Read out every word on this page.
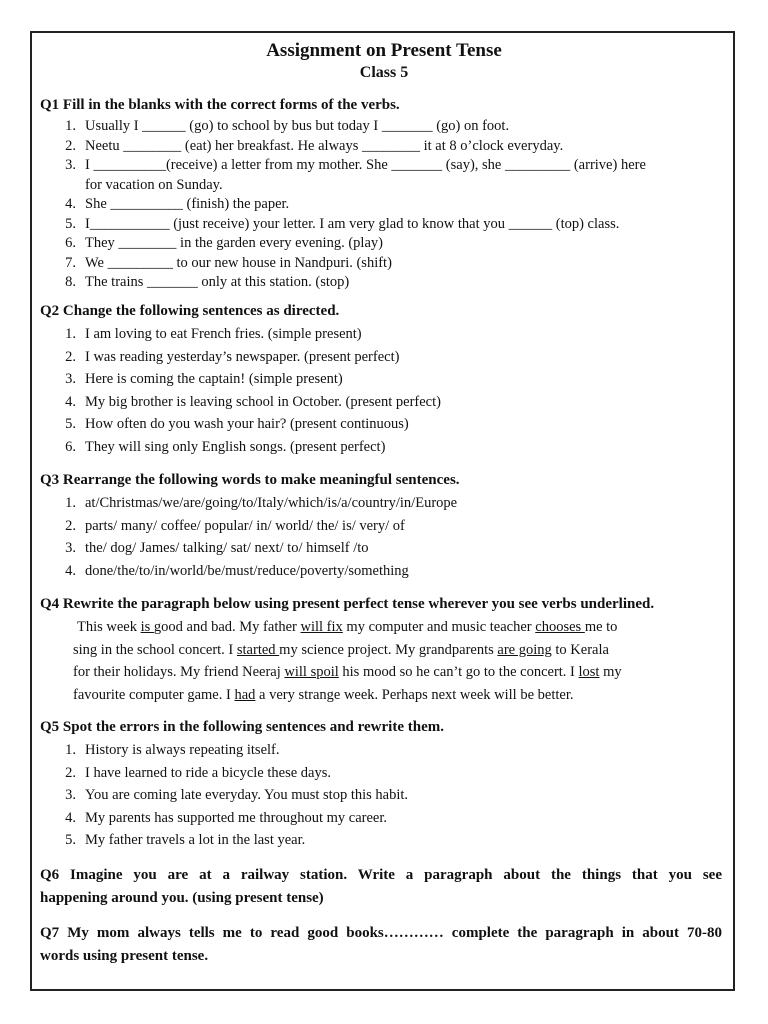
Assignment on Present Tense
Class 5
Q1 Fill in the blanks with the correct forms of the verbs.
1. Usually I ______ (go) to school by bus but today I _______ (go) on foot.
2. Neetu ________ (eat) her breakfast. He always ________ it at 8 o’clock everyday.
3. I __________(receive) a letter from my mother. She _______ (say), she _________ (arrive) here
for vacation on Sunday.
4. She __________ (finish) the paper.
5. I___________ (just receive) your letter. I am very glad to know that you ______ (top) class.
6. They ________ in the garden every evening. (play)
7. We _________ to our new house in Nandpuri. (shift)
8. The trains _______ only at this station. (stop)
Q2 Change the following sentences as directed.
1. I am loving to eat French fries. (simple present)
2. I was reading yesterday’s newspaper. (present perfect)
3. Here is coming the captain! (simple present)
4. My big brother is leaving school in October. (present perfect)
5. How often do you wash your hair? (present continuous)
6. They will sing only English songs. (present perfect)
Q3 Rearrange the following words to make meaningful sentences.
1. at/Christmas/we/are/going/to/Italy/which/is/a/country/in/Europe
2. parts/ many/ coffee/ popular/ in/ world/ the/ is/ very/ of
3. the/ dog/ James/ talking/ sat/ next/ to/ himself /to
4. done/the/to/in/world/be/must/reduce/poverty/something
Q4 Rewrite the paragraph below using present perfect tense wherever you see verbs underlined.
This week is good and bad. My father will fix my computer and music teacher chooses me to
sing in the school concert. I started my science project. My grandparents are going to Kerala
for their holidays. My friend Neeraj will spoil his mood so he can’t go to the concert. I lost my
favourite computer game. I had a very strange week. Perhaps next week will be better.
Q5 Spot the errors in the following sentences and rewrite them.
1. History is always repeating itself.
2. I have learned to ride a bicycle these days.
3. You are coming late everyday. You must stop this habit.
4. My parents has supported me throughout my career.
5. My father travels a lot in the last year.
Q6 Imagine you are at a railway station. Write a paragraph about the things that you see
happening around you. (using present tense)
Q7 My mom always tells me to read good books………… complete the paragraph in about 70-80
words using present tense.
